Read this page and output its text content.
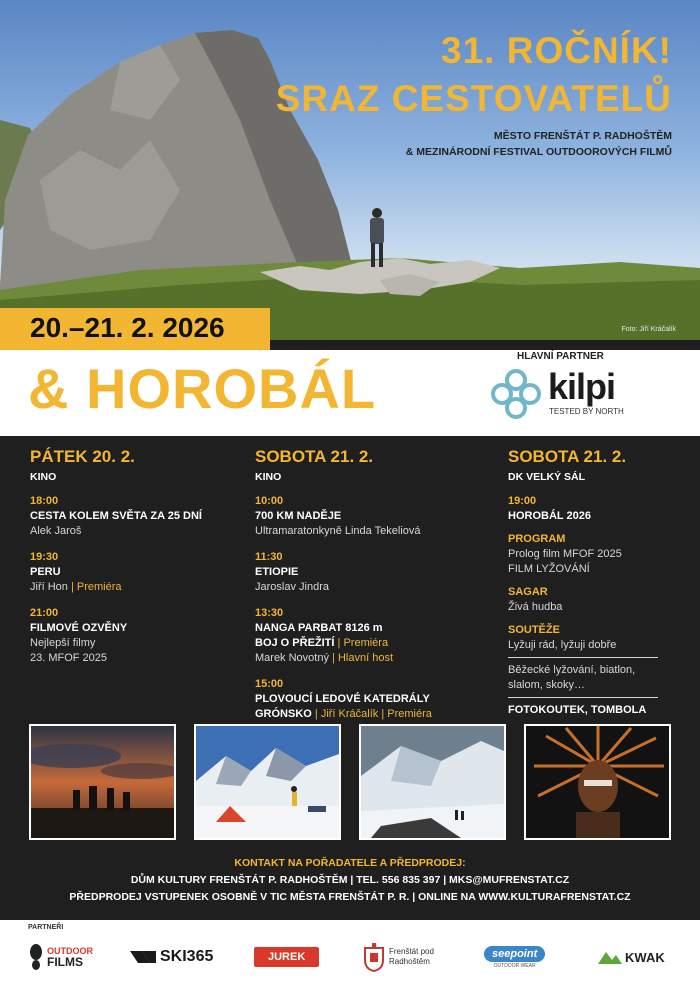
31. ROČNÍK!
SRAZ CESTOVATELŮ
MĚSTO FRENŠTÁT P. RADHOŠTĚM
& MEZINÁRODNÍ FESTIVAL OUTDOOROVÝCH FILMŮ
Foto: Jiří Kráčalík
20.–21. 2. 2026
& HOROBÁL
HLAVNÍ PARTNER
kilpi
TESTED BY NORTH
PÁTEK 20. 2.
KINO
18:00
CESTA KOLEM SVĚTA ZA 25 DNÍ
Alek Jaroš
19:30
PERU
Jiří Hon | Premiéra
21:00
FILMOVÉ OZVĚNY
Nejlepší filmy
23. MFOF 2025
SOBOTA 21. 2.
KINO
10:00
700 KM NADĚJE
Ultramaratonkyně Linda Tekeliová
11:30
ETIOPIE
Jaroslav Jindra
13:30
NANGA PARBAT 8126 m
BOJ O PŘEŽITÍ | Premiéra
Marek Novotný | Hlavní host
15:00
PLOVOUCÍ LEDOVÉ KATEDRÁLY
GRÓNSKO | Jiří Kráčalík | Premiéra
SOBOTA 21. 2.
DK VELKÝ SÁL
19:00
HOROBÁL 2026
PROGRAM
Prolog film MFOF 2025
FILM LYŽOVÁNÍ
SAGAR
Živá hudba
SOUTĚŽE
Lyžuji rád, lyžuji dobře
Běžecké lyžování, biatlon,
slalom, skoky…
FOTOKOUTEK, TOMBOLA
KONTAKT NA POŘADATELE A PŘEDPRODEJ:
DŮM KULTURY FRENŠTÁT P. RADHOŠTĚM | TEL. 556 835 397 | MKS@MUFRENSTAT.CZ
PŘEDPRODEJ VSTUPENEK OSOBNĚ V TIC MĚSTA FRENŠTÁT P. R. | ONLINE NA WWW.KULTURAFRENSTAT.CZ
PARTNEŘI
OUTDOOR
FILMS	SKI365	JUREK	Frenštát pod
Radhoštěm
seepoint
OUTDOOR WEAR
KWAK
